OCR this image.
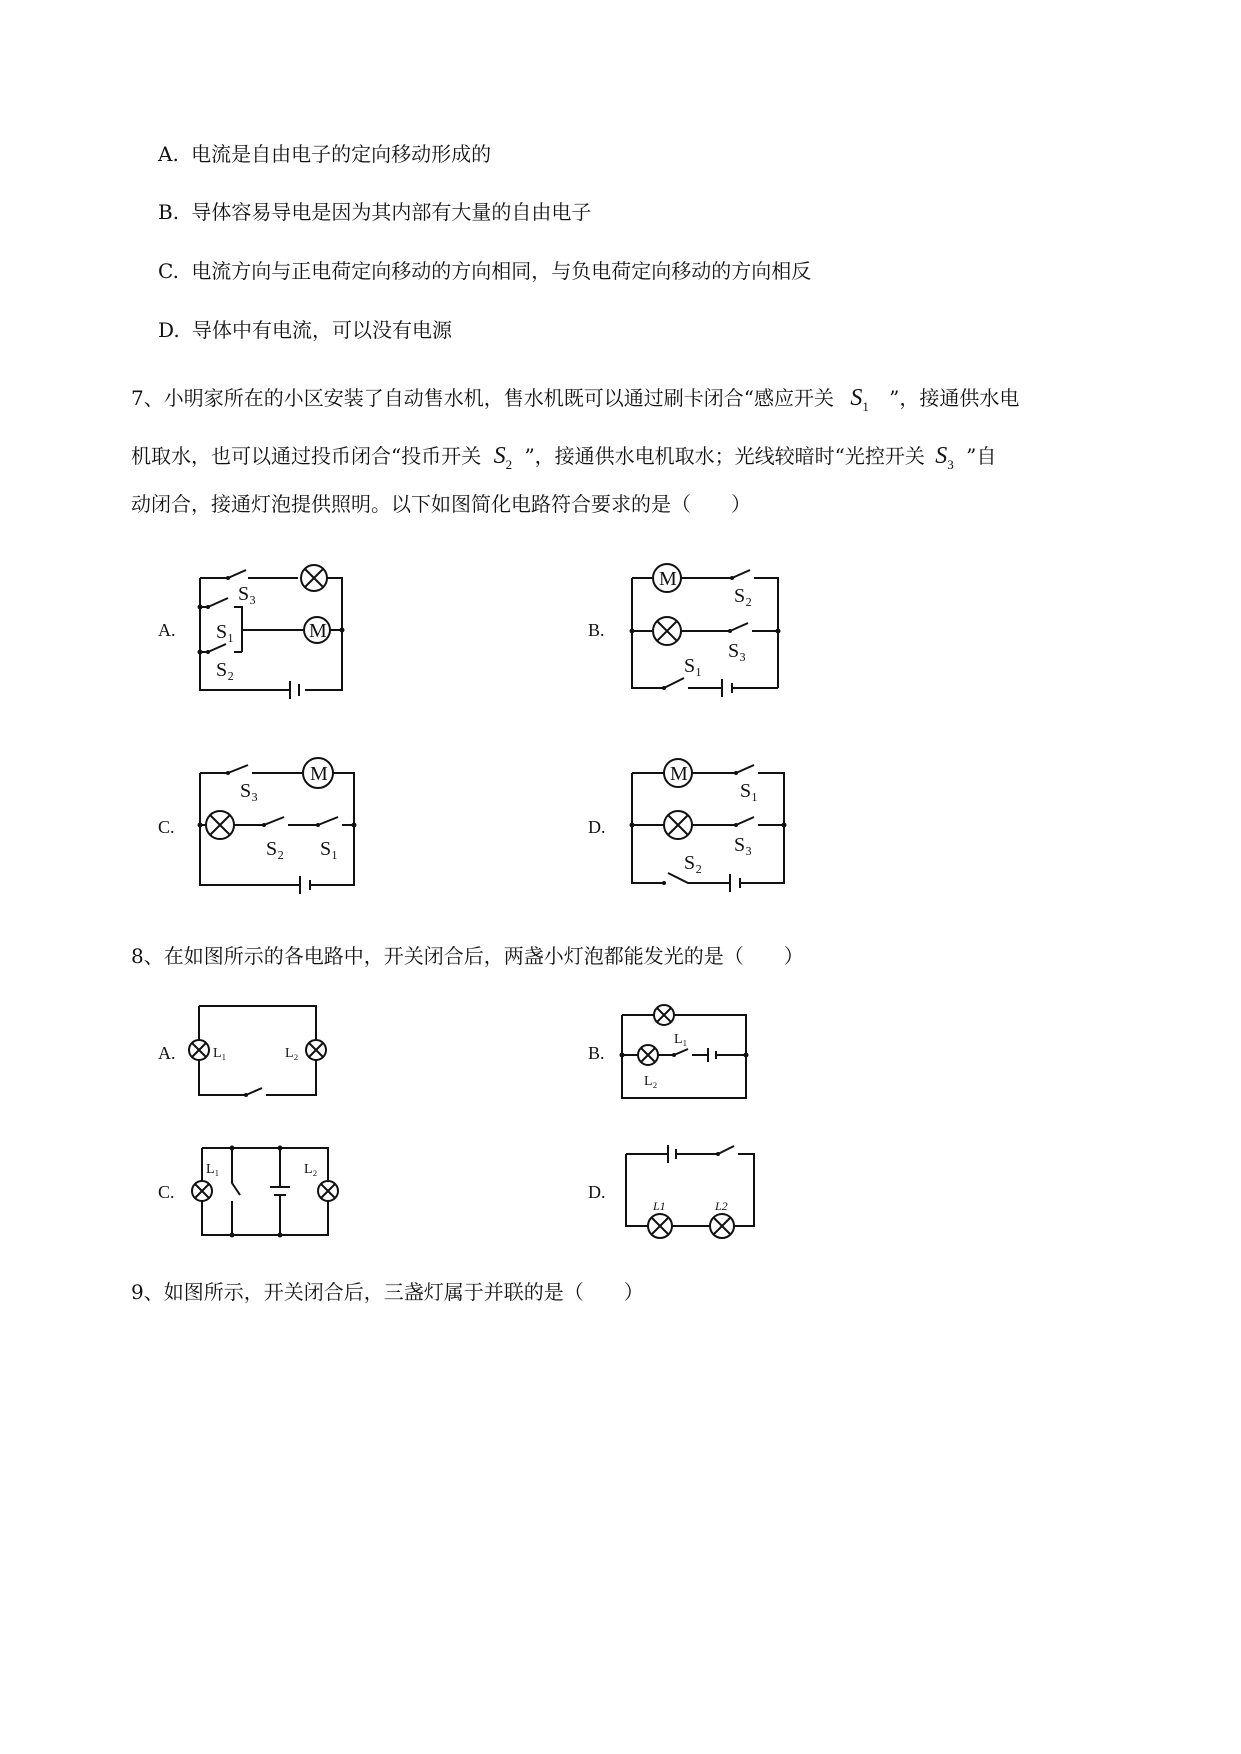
A. 电流是自由电子的定向移动形成的
B. 导体容易导电是因为其内部有大量的自由电子
C. 电流方向与正电荷定向移动的方向相同，与负电荷定向移动的方向相反
D. 导体中有电流，可以没有电源
7、小明家所在的小区安装了自动售水机，售水机既可以通过刷卡闭合“感应开关 $S_1$ ”，接通供水电
机取水，也可以通过投币闭合“投币开关 $S_2$ ”，接通供水电机取水；光线较暗时“光控开关 $S_3$ ”自
动闭合，接通灯泡提供照明。以下如图简化电路符合要求的是（　　）
A.	B.
C.	D.
M
S₃
S₁
S₂
M
S₂
S₃
S₁
M
S₃
S₂ S₁
M
S₁
S₃
S₂
8、在如图所示的各电路中，开关闭合后，两盏小灯泡都能发光的是（　　）
A.	B.
C.	D.
L₁	L₂
L₁
L₂
L₁	L₂
L1	L2
9、如图所示，开关闭合后，三盏灯属于并联的是（　　）
